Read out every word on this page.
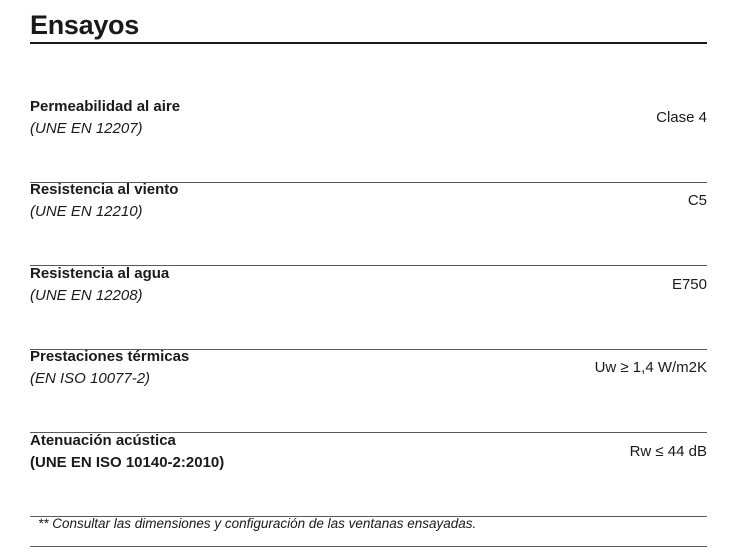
Ensayos
Permeabilidad al aire
(UNE EN 12207)
Clase 4
Resistencia al viento
(UNE EN 12210)
C5
Resistencia al agua
(UNE EN 12208)
E750
Prestaciones térmicas
(EN ISO 10077-2)
Uw ≥ 1,4 W/m2K
Atenuación acústica
(UNE EN ISO 10140-2:2010)
Rw ≤ 44 dB
** Consultar las dimensiones y configuración de las ventanas ensayadas.
